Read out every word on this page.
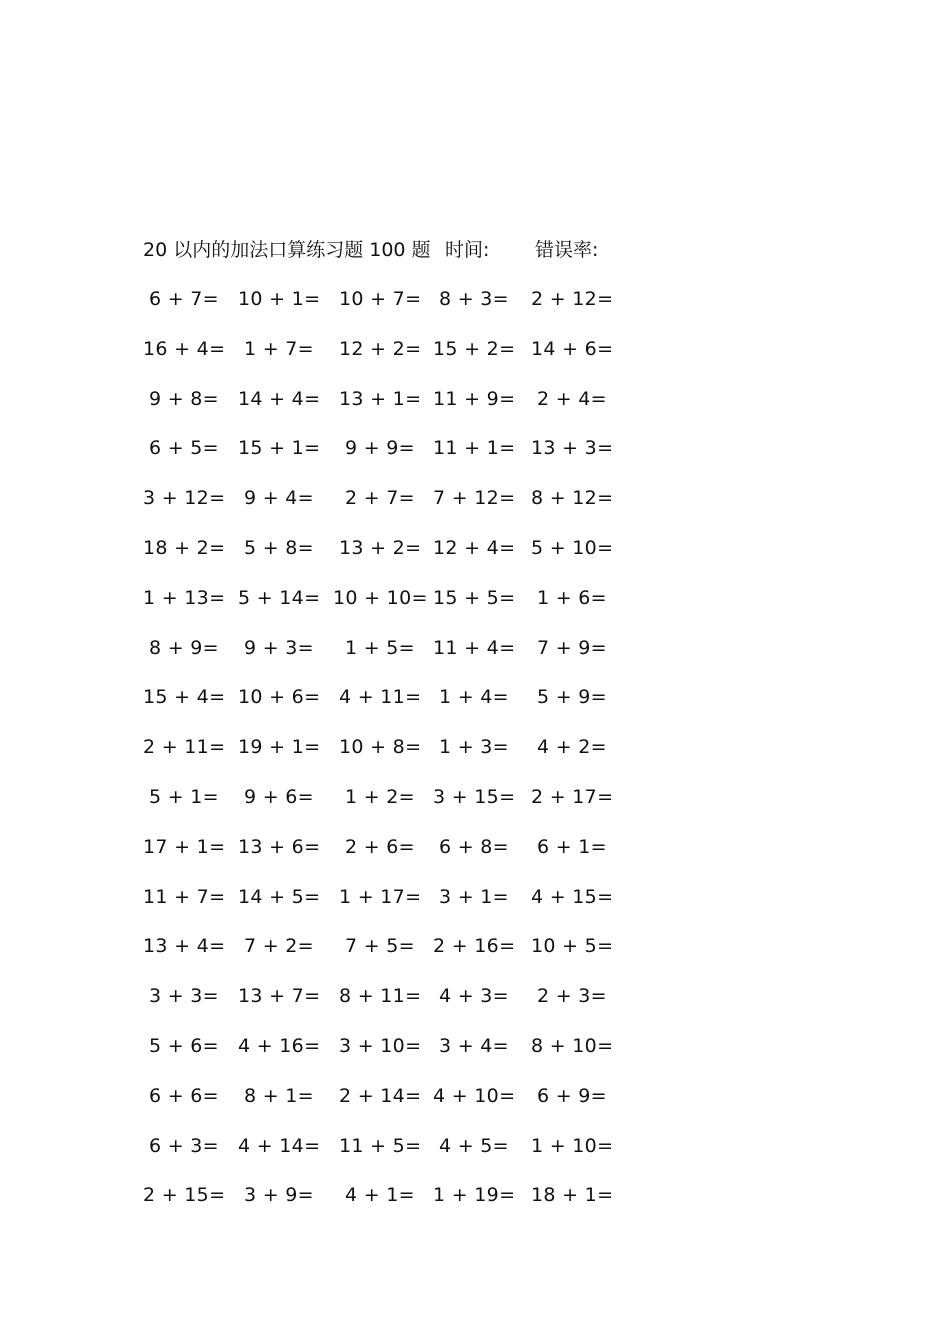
20 以内的加法口算练习题 100 题 时间: 错误率:
6 + 7= 10 + 1= 10 + 7= 8 + 3= 2 + 12=
16 + 4= 1 + 7= 12 + 2= 15 + 2= 14 + 6=
9 + 8= 14 + 4= 13 + 1= 11 + 9= 2 + 4=
6 + 5= 15 + 1= 9 + 9= 11 + 1= 13 + 3=
3 + 12= 9 + 4= 2 + 7= 7 + 12= 8 + 12=
18 + 2= 5 + 8= 13 + 2= 12 + 4= 5 + 10=
1 + 13= 5 + 14= 10 + 10= 15 + 5= 1 + 6=
8 + 9= 9 + 3= 1 + 5= 11 + 4= 7 + 9=
15 + 4= 10 + 6= 4 + 11= 1 + 4= 5 + 9=
2 + 11= 19 + 1= 10 + 8= 1 + 3= 4 + 2=
5 + 1= 9 + 6= 1 + 2= 3 + 15= 2 + 17=
17 + 1= 13 + 6= 2 + 6= 6 + 8= 6 + 1=
11 + 7= 14 + 5= 1 + 17= 3 + 1= 4 + 15=
13 + 4= 7 + 2= 7 + 5= 2 + 16= 10 + 5=
3 + 3= 13 + 7= 8 + 11= 4 + 3= 2 + 3=
5 + 6= 4 + 16= 3 + 10= 3 + 4= 8 + 10=
6 + 6= 8 + 1= 2 + 14= 4 + 10= 6 + 9=
6 + 3= 4 + 14= 11 + 5= 4 + 5= 1 + 10=
2 + 15= 3 + 9= 4 + 1= 1 + 19= 18 + 1=
